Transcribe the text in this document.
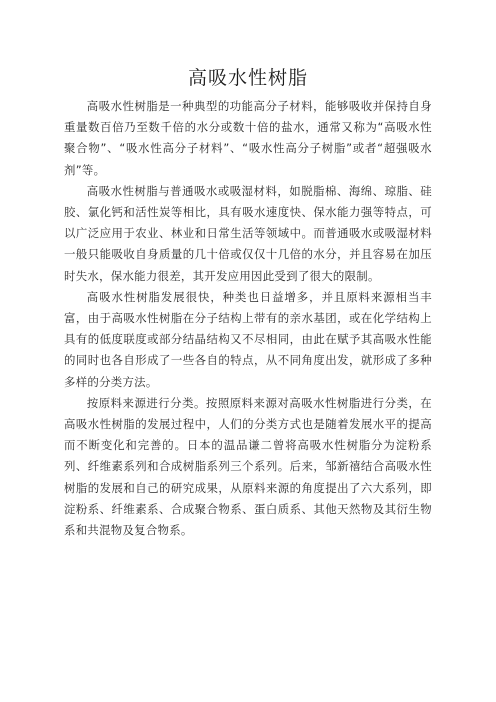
高吸水性树脂

高吸水性树脂是一种典型的功能高分子材料，能够吸收并保持自身重量数百倍乃至数千倍的水分或数十倍的盐水，通常又称为“高吸水性聚合物”、“吸水性高分子材料”、“吸水性高分子树脂”或者“超强吸水剂”等。

高吸水性树脂与普通吸水或吸湿材料，如脱脂棉、海绵、琼脂、硅胶、氯化钙和活性炭等相比，具有吸水速度快、保水能力强等特点，可以广泛应用于农业、林业和日常生活等领域中。而普通吸水或吸湿材料一般只能吸收自身质量的几十倍或仅仅十几倍的水分，并且容易在加压时失水，保水能力很差，其开发应用因此受到了很大的限制。

高吸水性树脂发展很快，种类也日益增多，并且原料来源相当丰富，由于高吸水性树脂在分子结构上带有的亲水基团，或在化学结构上具有的低度联度或部分结晶结构又不尽相同，由此在赋予其高吸水性能的同时也各自形成了一些各自的特点，从不同角度出发，就形成了多种多样的分类方法。

按原料来源进行分类。按照原料来源对高吸水性树脂进行分类，在高吸水性树脂的发展过程中，人们的分类方式也是随着发展水平的提高而不断变化和完善的。日本的温品谦二曾将高吸水性树脂分为淀粉系列、纤维素系列和合成树脂系列三个系列。后来，邹新禧结合高吸水性树脂的发展和自己的研究成果，从原料来源的角度提出了六大系列，即淀粉系、纤维素系、合成聚合物系、蛋白质系、其他天然物及其衍生物系和共混物及复合物系。
